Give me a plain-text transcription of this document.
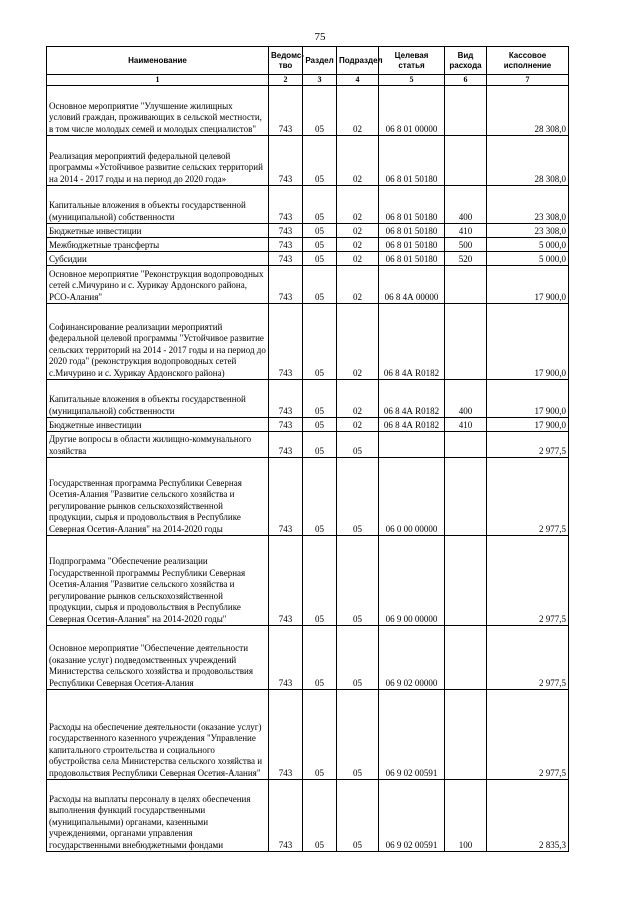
75
Наименование	Ведомс-тво	Раздел	Подраздел	Целевая статья	Вид расхода	Кассовое исполнение
1	2	3	4	5	6	7
Основное мероприятие "Улучшение жилищных условий граждан, проживающих в сельской местности, в том числе молодых семей и молодых специалистов"	743	05	02	06 8 01 00000		28 308,0
Реализация мероприятий федеральной целевой программы «Устойчивое развитие сельских территорий на 2014 - 2017 годы и на период до 2020 года»	743	05	02	06 8 01 50180		28 308,0
Капитальные вложения в объекты государственной (муниципальной) собственности	743	05	02	06 8 01 50180	400	23 308,0
Бюджетные инвестиции	743	05	02	06 8 01 50180	410	23 308,0
Межбюджетные трансферты	743	05	02	06 8 01 50180	500	5 000,0
Субсидии	743	05	02	06 8 01 50180	520	5 000,0
Основное мероприятие "Реконструкция водопроводных сетей с.Мичурино и с. Хурикау Ардонского района, РСО-Алания"	743	05	02	06 8 4А 00000		17 900,0
Софинансирование реализации мероприятий федеральной целевой программы "Устойчивое развитие сельских территорий на 2014 - 2017 годы и на период до 2020 года" (реконструкция водопроводных сетей с.Мичурино и с. Хурикау Ардонского района)	743	05	02	06 8 4А R0182		17 900,0
Капитальные вложения в объекты государственной (муниципальной) собственности	743	05	02	06 8 4А R0182	400	17 900,0
Бюджетные инвестиции	743	05	02	06 8 4А R0182	410	17 900,0
Другие вопросы в области жилищно-коммунального хозяйства	743	05	05			2 977,5
Государственная программа Республики Северная Осетия-Алания "Развитие сельского хозяйства и регулирование рынков сельскохозяйственной продукции, сырья и продовольствия в Республике Северная Осетия-Алания" на 2014-2020 годы	743	05	05	06 0 00 00000		2 977,5
Подпрограмма "Обеспечение реализации Государственной программы Республики Северная Осетия-Алания "Развитие сельского хозяйства и регулирование рынков сельскохозяйственной продукции, сырья и продовольствия в Республике Северная Осетия-Алания" на 2014-2020 годы"	743	05	05	06 9 00 00000		2 977,5
Основное мероприятие "Обеспечение деятельности (оказание услуг) подведомственных учреждений Министерства сельского хозяйства и продовольствия Республики Северная Осетия-Алания	743	05	05	06 9 02 00000		2 977,5
Расходы на обеспечение деятельности (оказание услуг) государственного казенного учреждения "Управление капитального строительства и социального обустройства села Министерства сельского хозяйства и продовольствия Республики Северная Осетия-Алания"	743	05	05	06 9 02 00591		2 977,5
Расходы на выплаты персоналу в целях обеспечения выполнения функций государственными (муниципальными) органами, казенными учреждениями, органами управления государственными внебюджетными фондами	743	05	05	06 9 02 00591	100	2 835,3
